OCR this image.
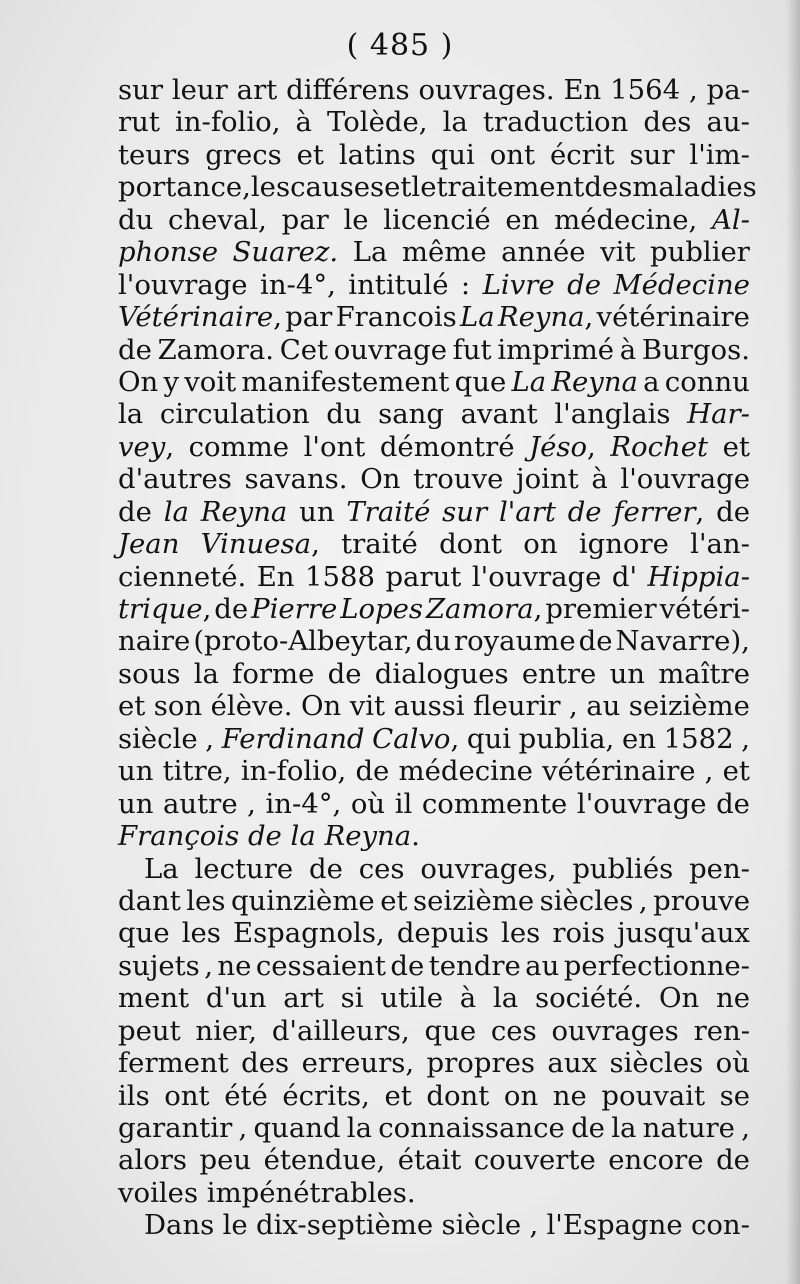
( 485 )
sur leur art différens ouvrages. En 1564 , pa-
rut in-folio, à Tolède, la traduction des au-
teurs grecs et latins qui ont écrit sur l'im-
portance, les causes et le traitement des maladies
du cheval, par le licencié en médecine, Al-
phonse Suarez. La même année vit publier
l'ouvrage in-4°, intitulé : Livre de Médecine
Vétérinaire, par Francois La Reyna, vétérinaire
de Zamora. Cet ouvrage fut imprimé à Burgos.
On y voit manifestement que La Reyna a connu
la circulation du sang avant l'anglais Har-
vey, comme l'ont démontré Jéso, Rochet et
d'autres savans. On trouve joint à l'ouvrage
de la Reyna un Traité sur l'art de ferrer, de
Jean Vinuesa, traité dont on ignore l'an-
cienneté. En 1588 parut l'ouvrage d' Hippia-
trique, de Pierre Lopes Zamora, premier vétéri-
naire (proto-Albeytar, du royaume de Navarre),
sous la forme de dialogues entre un maître
et son élève. On vit aussi fleurir , au seizième
siècle , Ferdinand Calvo, qui publia, en 1582 ,
un titre, in-folio, de médecine vétérinaire , et
un autre , in-4°, où il commente l'ouvrage de
François de la Reyna .
La lecture de ces ouvrages, publiés pen-
dant les quinzième et seizième siècles , prouve
que les Espagnols, depuis les rois jusqu'aux
sujets , ne cessaient de tendre au perfectionne-
ment d'un art si utile à la société. On ne
peut nier, d'ailleurs, que ces ouvrages ren-
ferment des erreurs, propres aux siècles où
ils ont été écrits, et dont on ne pouvait se
garantir , quand la connaissance de la nature ,
alors peu étendue, était couverte encore de
voiles impénétrables.
Dans le dix-septième siècle , l'Espagne con-
